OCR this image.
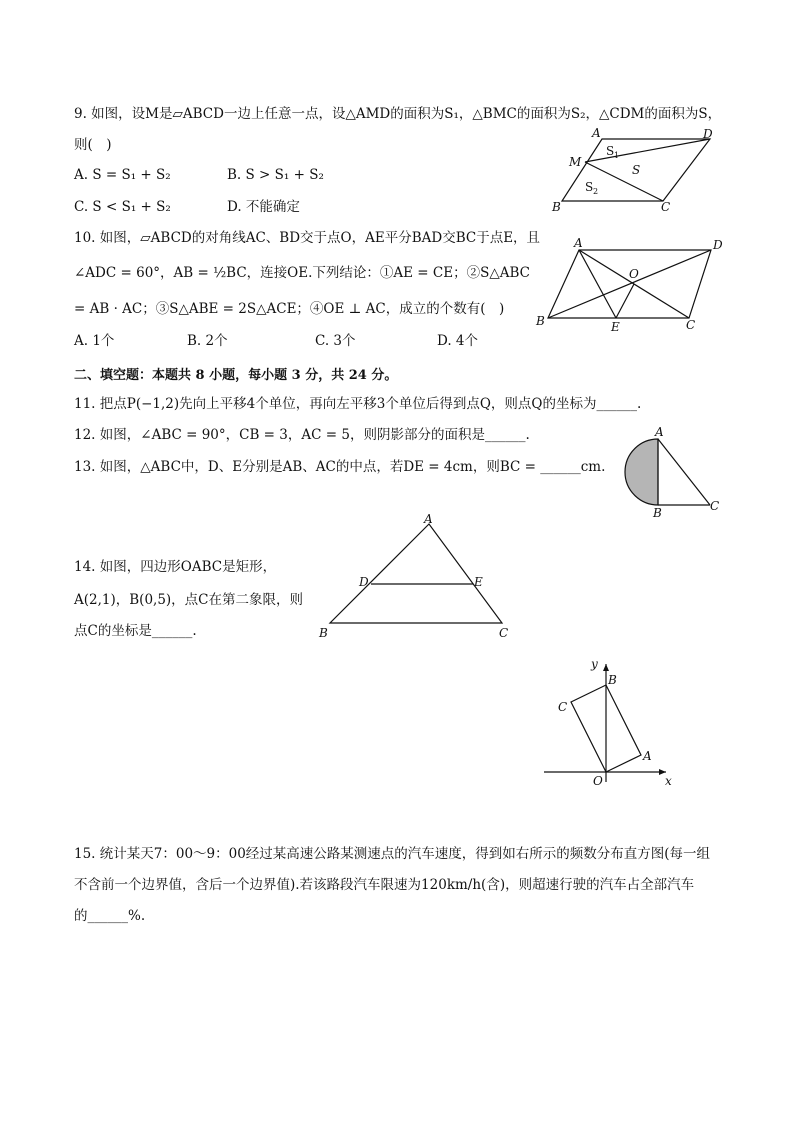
9. 如图，设M是▱ABCD一边上任意一点，设△AMD的面积为S₁，△BMC的面积为S₂，△CDM的面积为S，
则(　)
A. S = S₁ + S₂	B. S > S₁ + S₂
C. S < S₁ + S₂	D. 不能确定
A	D
M
S 1
S
S 2
B	C
10. 如图，▱ABCD的对角线AC、BD交于点O，AE平分BAD交BC于点E，且
∠ADC = 60°，AB = ½BC，连接OE.下列结论：①AE = CE；②S△ABC
= AB · AC；③S△ABE = 2S△ACE；④OE ⊥ AC，成立的个数有(　)
A. 1个	B. 2个	C. 3个	D. 4个
A	D
O
B	E	C
二、填空题：本题共 8 小题，每小题 3 分，共 24 分。
11. 把点P(−1,2)先向上平移4个单位，再向左平移3个单位后得到点Q，则点Q的坐标为______.
12. 如图，∠ABC = 90°，CB = 3，AC = 5，则阴影部分的面积是______.
13. 如图，△ABC中，D、E分别是AB、AC的中点，若DE = 4cm，则BC = ______cm.
A
B	C
A
D	E
B	C
14. 如图，四边形OABC是矩形，
A(2,1)，B(0,5)，点C在第二象限，则
点C的坐标是______.
y
x
O
A
B
C
15. 统计某天7：00～9：00经过某高速公路某测速点的汽车速度，得到如右所示的频数分布直方图(每一组
不含前一个边界值，含后一个边界值).若该路段汽车限速为120km/h(含)，则超速行驶的汽车占全部汽车
的______%.
